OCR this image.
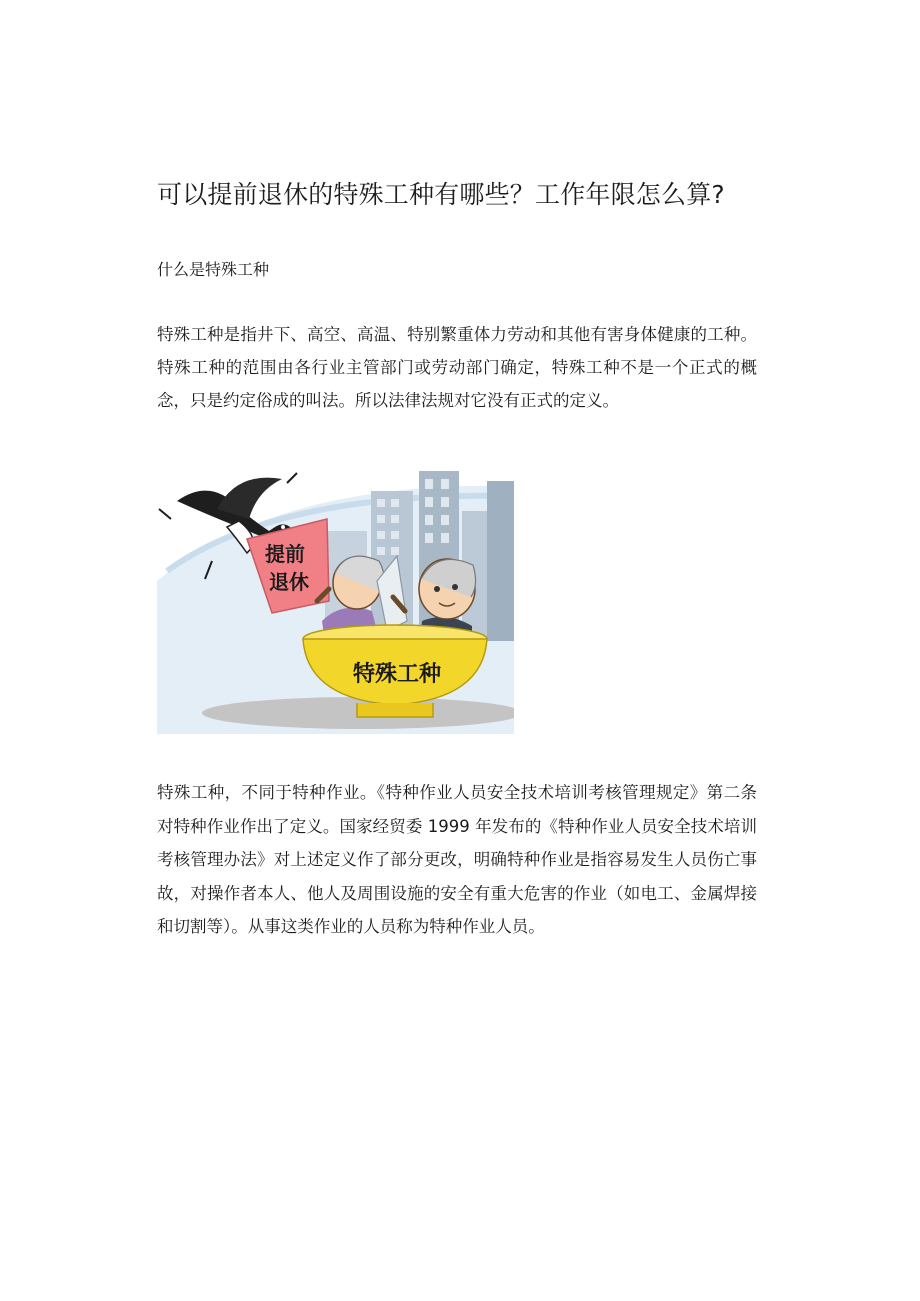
可以提前退休的特殊工种有哪些？工作年限怎么算?
什么是特殊工种
特殊工种是指井下、高空、高温、特别繁重体力劳动和其他有害身体健康的工种。特殊工种的范围由各行业主管部门或劳动部门确定，特殊工种不是一个正式的概念，只是约定俗成的叫法。所以法律法规对它没有正式的定义。
提前
退休
特殊工种
特殊工种，不同于特种作业。《特种作业人员安全技术培训考核管理规定》第二条对特种作业作出了定义。国家经贸委 1999 年发布的《特种作业人员安全技术培训考核管理办法》对上述定义作了部分更改，明确特种作业是指容易发生人员伤亡事故，对操作者本人、他人及周围设施的安全有重大危害的作业（如电工、金属焊接和切割等）。从事这类作业的人员称为特种作业人员。
